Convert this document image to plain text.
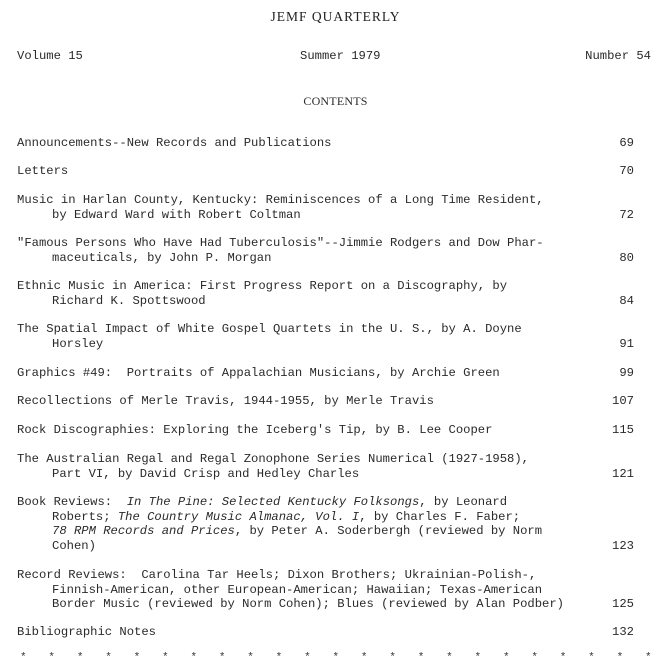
JEMF QUARTERLY
Volume 15	Summer 1979	Number 54
CONTENTS
Announcements--New Records and Publications	69
Letters	70
Music in Harlan County, Kentucky: Reminiscences of a Long Time Resident,
by Edward Ward with Robert Coltman	72
"Famous Persons Who Have Had Tuberculosis"--Jimmie Rodgers and Dow Phar-
maceuticals, by John P. Morgan	80
Ethnic Music in America: First Progress Report on a Discography, by
Richard K. Spottswood	84
The Spatial Impact of White Gospel Quartets in the U. S., by A. Doyne
Horsley	91
Graphics #49:  Portraits of Appalachian Musicians, by Archie Green	99
Recollections of Merle Travis, 1944-1955, by Merle Travis	107
Rock Discographies: Exploring the Iceberg's Tip, by B. Lee Cooper	115
The Australian Regal and Regal Zonophone Series Numerical (1927-1958),
Part VI, by David Crisp and Hedley Charles	121
Book Reviews:  In The Pine: Selected Kentucky Folksongs, by Leonard
Roberts; The Country Music Almanac, Vol. I, by Charles F. Faber;
78 RPM Records and Prices, by Peter A. Soderbergh (reviewed by Norm
Cohen)	123
Record Reviews:  Carolina Tar Heels; Dixon Brothers; Ukrainian-Polish-,
Finnish-American, other European-American; Hawaiian; Texas-American
Border Music (reviewed by Norm Cohen); Blues (reviewed by Alan Podber)	125
Bibliographic Notes	132
* * * * * * * * * * * * * * * * * * * * * * *
